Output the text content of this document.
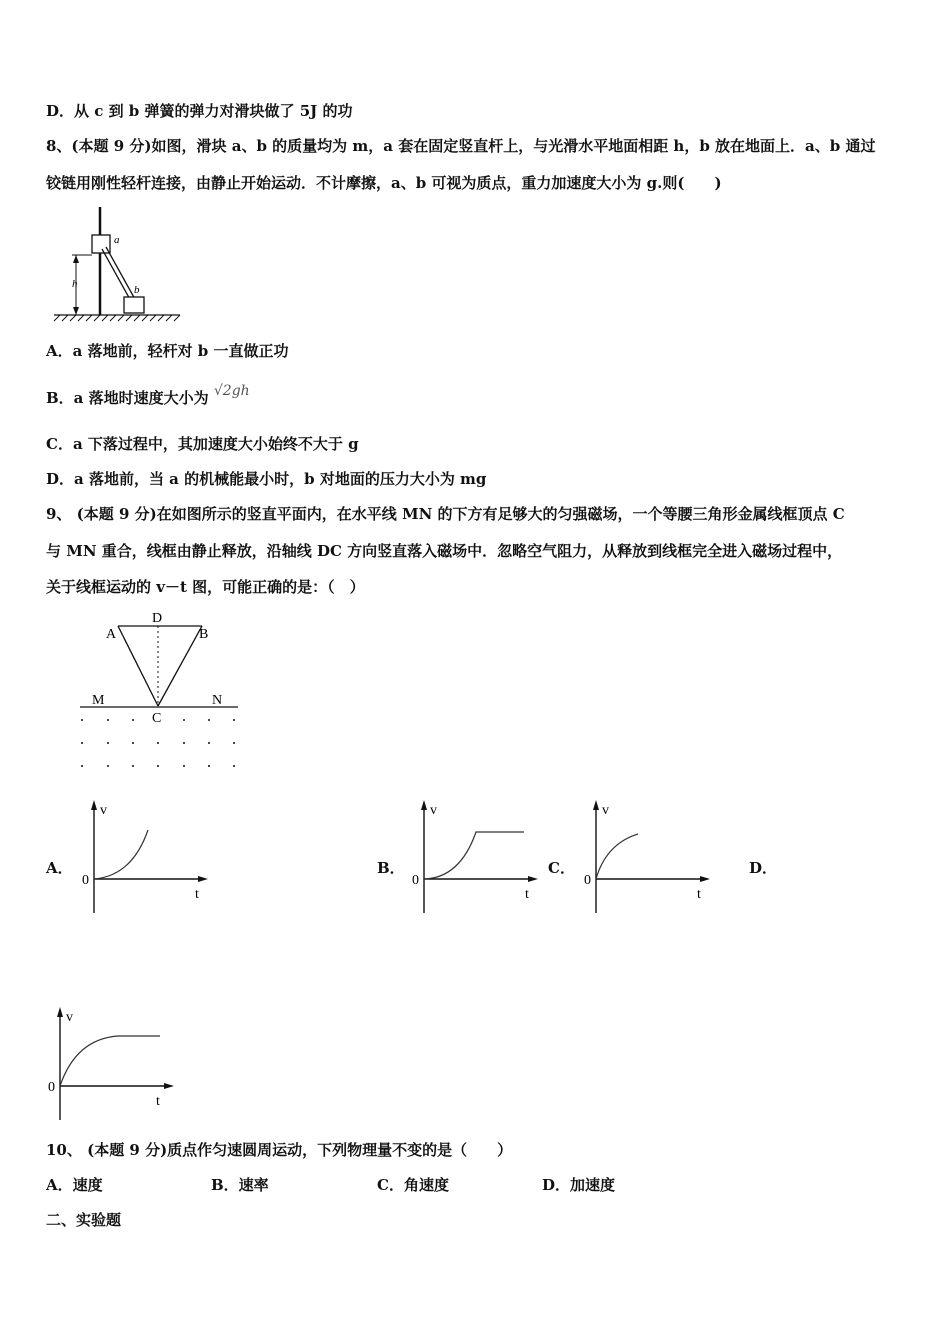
D．从 c 到 b 弹簧的弹力对滑块做了 5J 的功
8、(本题 9 分)如图，滑块 a、b 的质量均为 m，a 套在固定竖直杆上，与光滑水平地面相距 h，b 放在地面上．a、b 通过
铰链用刚性轻杆连接，由静止开始运动．不计摩擦，a、b 可视为质点，重力加速度大小为 g.则(　　)
h
a
b
A．a 落地前，轻杆对 b 一直做正功
B．a 落地时速度大小为 √2gh
C．a 下落过程中，其加速度大小始终不大于 g
D．a 落地前，当 a 的机械能最小时，b 对地面的压力大小为 mg
9、 (本题 9 分)在如图所示的竖直平面内，在水平线 MN 的下方有足够大的匀强磁场，一个等腰三角形金属线框顶点 C
与 MN 重合，线框由静止释放，沿轴线 DC 方向竖直落入磁场中．忽略空气阻力，从释放到线框完全进入磁场过程中，
关于线框运动的 v－t 图，可能正确的是：（　）
A
D
B
M	N
C
A．	B．	C．	D．
v
0
t
v
0
t
v
0
t
v
0
t
10、 (本题 9 分)质点作匀速圆周运动，下列物理量不变的是（　　）
A．速度	B．速率	C．角速度	D．加速度
二、实验题
